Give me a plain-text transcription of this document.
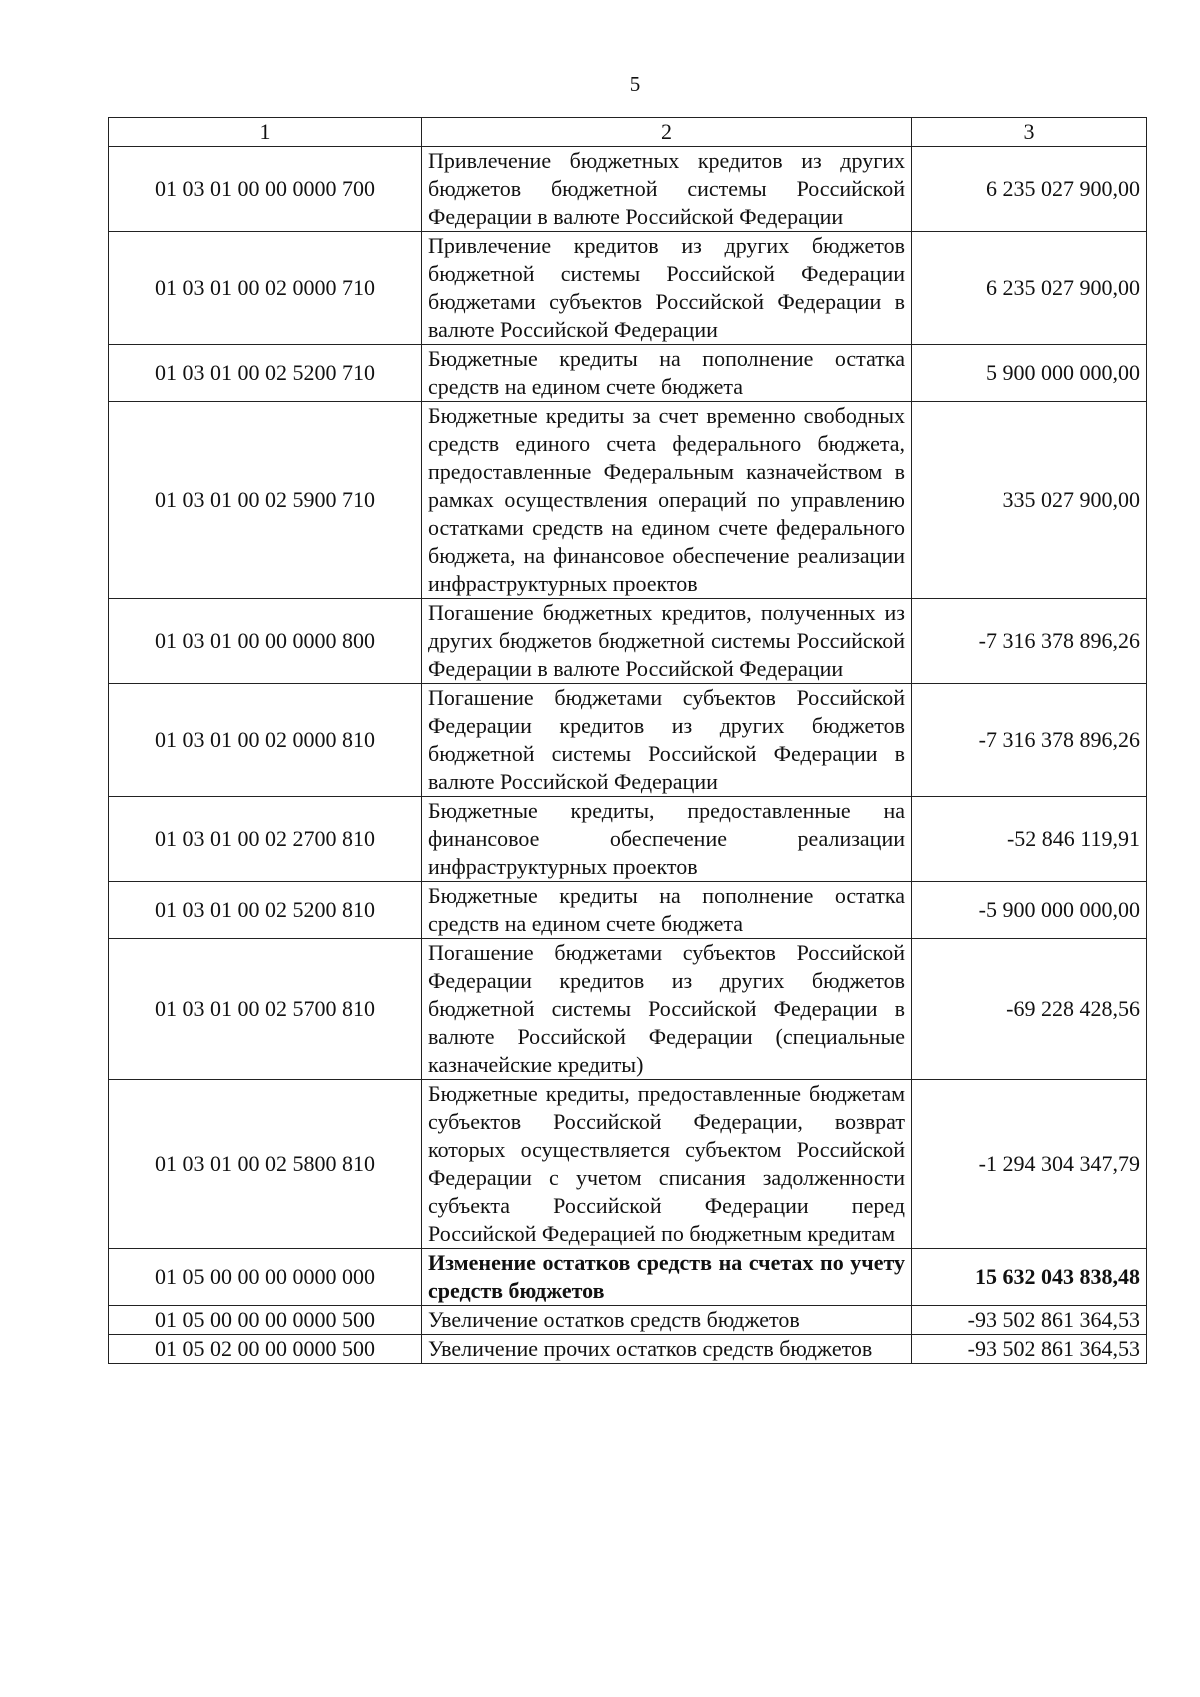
5
1	2	3
01 03 01 00 00 0000 700	Привлечение бюджетных кредитов из других бюджетов бюджетной системы Российской Федерации в валюте Российской Федерации	6 235 027 900,00
01 03 01 00 02 0000 710	Привлечение кредитов из других бюджетов бюджетной системы Российской Федерации бюджетами субъектов Российской Федерации в валюте Российской Федерации	6 235 027 900,00
01 03 01 00 02 5200 710	Бюджетные кредиты на пополнение остатка средств на едином счете бюджета	5 900 000 000,00
01 03 01 00 02 5900 710	Бюджетные кредиты за счет временно свободных средств единого счета федерального бюджета, предоставленные Федеральным казначейством в рамках осуществления операций по управлению остатками средств на едином счете федерального бюджета, на финансовое обеспечение реализации инфраструктурных проектов	335 027 900,00
01 03 01 00 00 0000 800	Погашение бюджетных кредитов, полученных из других бюджетов бюджетной системы Российской Федерации в валюте Российской Федерации	-7 316 378 896,26
01 03 01 00 02 0000 810	Погашение бюджетами субъектов Российской Федерации кредитов из других бюджетов бюджетной системы Российской Федерации в валюте Российской Федерации	-7 316 378 896,26
01 03 01 00 02 2700 810	Бюджетные кредиты, предоставленные на финансовое обеспечение реализации инфраструктурных проектов	-52 846 119,91
01 03 01 00 02 5200 810	Бюджетные кредиты на пополнение остатка средств на едином счете бюджета	-5 900 000 000,00
01 03 01 00 02 5700 810	Погашение бюджетами субъектов Российской Федерации кредитов из других бюджетов бюджетной системы Российской Федерации в валюте Российской Федерации (специальные казначейские кредиты)	-69 228 428,56
01 03 01 00 02 5800 810	Бюджетные кредиты, предоставленные бюджетам субъектов Российской Федерации, возврат которых осуществляется субъектом Российской Федерации с учетом списания задолженности субъекта Российской Федерации перед Российской Федерацией по бюджетным кредитам	-1 294 304 347,79
01 05 00 00 00 0000 000	Изменение остатков средств на счетах по учету средств бюджетов	15 632 043 838,48
01 05 00 00 00 0000 500	Увеличение остатков средств бюджетов	-93 502 861 364,53
01 05 02 00 00 0000 500	Увеличение прочих остатков средств бюджетов	-93 502 861 364,53
